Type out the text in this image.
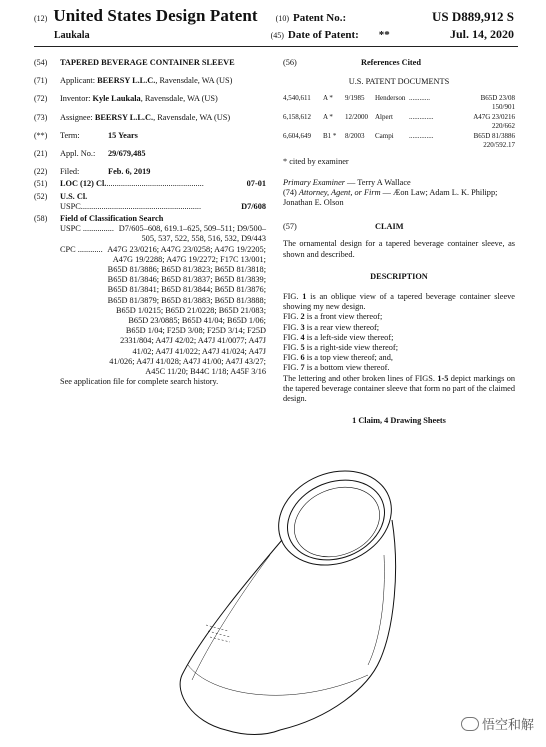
(12) United States Design Patent (10) Patent No.:	US D889,912 S
Laukala	(45) Date of Patent: **	Jul. 14, 2020
(54)	TAPERED BEVERAGE CONTAINER SLEEVE
(71)	Applicant: BEERSY L.L.C., Ravensdale, WA (US)
(72)	Inventor: Kyle Laukala, Ravensdale, WA (US)
(73)	Assignee: BEERSY L.L.C., Ravensdale, WA (US)
(**)	Term:	15 Years
(21)	Appl. No.:	29/679,485
(22)	Filed:	Feb. 6, 2019
(51)	LOC (12) Cl. ...............................................	07-01
(52)	U.S. Cl.
USPC ..........................................................	D7/608
(58)	Field of Classification Search
USPC ............... D7/605–608, 619.1–625, 509–511; D9/500–505, 537, 522, 558, 516, 532, D9/443
CPC ............ A47G 23/0216; A47G 23/0258; A47G 19/2205; A47G 19/2288; A47G 19/2272; F17C 13/001; B65D 81/3886; B65D 81/3823; B65D 81/3818; B65D 81/3846; B65D 81/3837; B65D 81/3839; B65D 81/3841; B65D 81/3844; B65D 81/3876; B65D 81/3879; B65D 81/3883; B65D 81/3888; B65D 1/0215; B65D 21/0228; B65D 21/083; B65D 23/0885; B65D 41/04; B65D 1/06; B65D 1/04; F25D 3/08; F25D 3/14; F25D 2331/804; A47J 42/02; A47J 41/0077; A47J 41/02; A47J 41/022; A47J 41/024; A47J 41/026; A47J 41/028; A47J 41/00; A47J 43/27; A45C 11/20; B44C 1/18; A45F 3/16
See application file for complete search history.
(56)	References Cited
U.S. PATENT DOCUMENTS
4,540,611	A *	9/1985	Henderson ............	B65D 23/08
150/901
6,158,612	A *	12/2000	Alpert	..............	A47G 23/0216
220/662
6,604,649	B1 *	8/2003	Campi	..............	B65D 81/3886
220/592.17
* cited by examiner
Primary Examiner — Terry A Wallace
(74) Attorney, Agent, or Firm — Æon Law; Adam L. K. Philipp; Jonathan E. Olson
(57)	CLAIM
The ornamental design for a tapered beverage container sleeve, as shown and described.
DESCRIPTION
FIG. 1 is an oblique view of a tapered beverage container sleeve showing my new design.
FIG. 2 is a front view thereof;
FIG. 3 is a rear view thereof;
FIG. 4 is a left-side view thereof;
FIG. 5 is a right-side view thereof;
FIG. 6 is a top view thereof; and,
FIG. 7 is a bottom view thereof.
The lettering and other broken lines of FIGS. 1-5 depict markings on the tapered beverage container sleeve that form no part of the claimed design.
1 Claim, 4 Drawing Sheets
悟空和解
